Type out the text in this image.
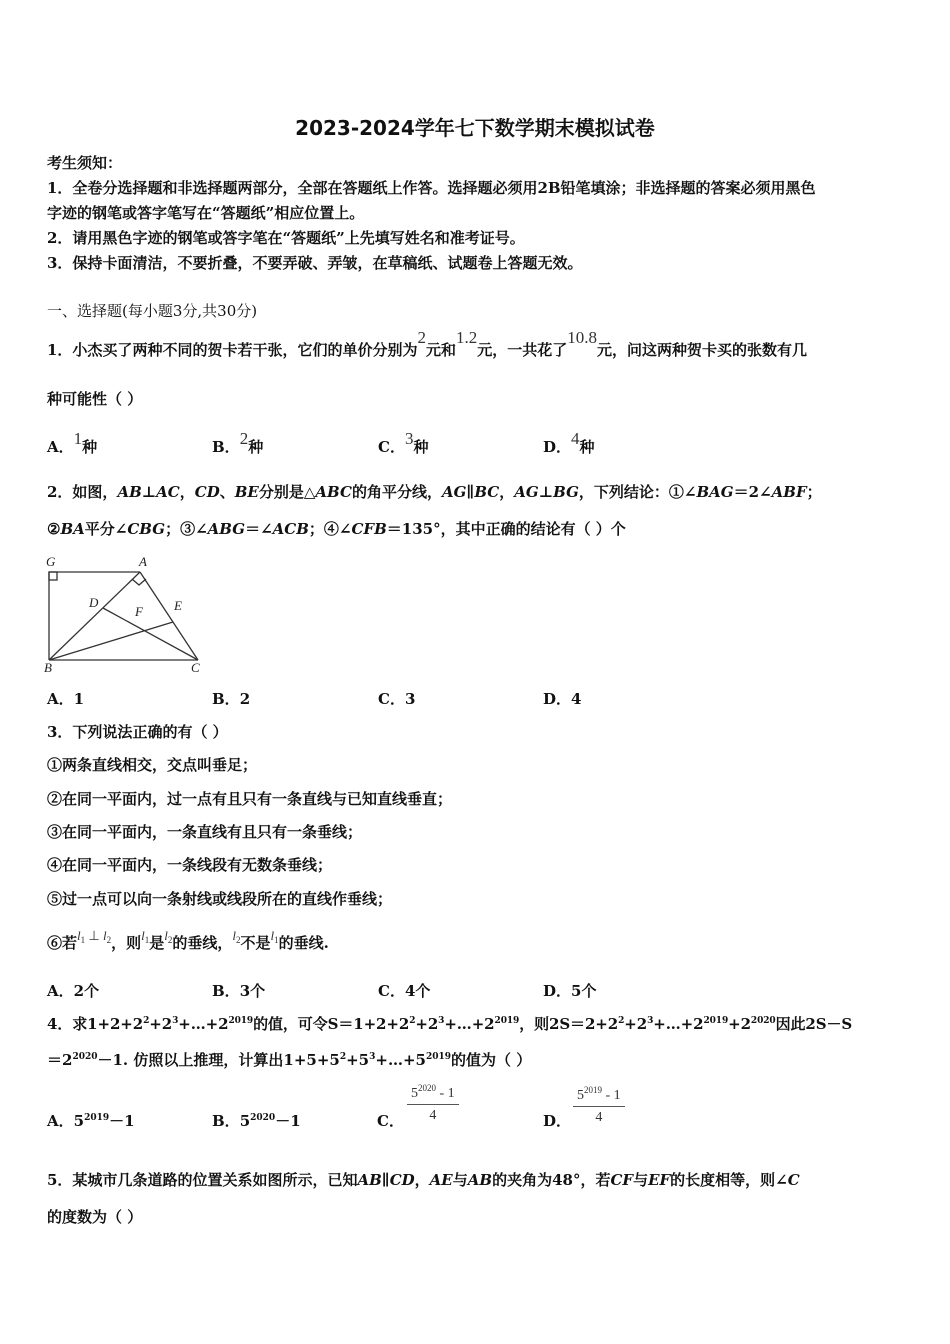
2023-2024学年七下数学期末模拟试卷
考生须知：
1．全卷分选择题和非选择题两部分，全部在答题纸上作答。选择题必须用2B铅笔填涂；非选择题的答案必须用黑色
字迹的钢笔或答字笔写在“答题纸”相应位置上。
2．请用黑色字迹的钢笔或答字笔在“答题纸”上先填写姓名和准考证号。
3．保持卡面清洁，不要折叠，不要弄破、弄皱，在草稿纸、试题卷上答题无效。
一、选择题(每小题3分,共30分)
1．小杰买了两种不同的贺卡若干张，它们的单价分别为2元和1.2元，一共花了10.8元，问这两种贺卡买的张数有几
种可能性（ ）
A．1种	B．2种	C．3种	D．4种
2．如图，AB⊥AC，CD、BE分别是△ABC的角平分线，AG∥BC，AG⊥BG，下列结论：①∠BAG＝2∠ABF；
②BA平分∠CBG；③∠ABG＝∠ACB；④∠CFB＝135°，其中正确的结论有（ ）个
G	A
D
F E
B	C
A．1	B．2	C．3	D．4
3．下列说法正确的有（ ）
①两条直线相交，交点叫垂足；
②在同一平面内，过一点有且只有一条直线与已知直线垂直；
③在同一平面内，一条直线有且只有一条垂线；
④在同一平面内，一条线段有无数条垂线；
⑤过一点可以向一条射线或线段所在的直线作垂线；
⑥若$l_1$ ⊥ $l_2$，则$l_1$是$l_2$的垂线，$l_2$不是$l_1$的垂线.
A．2个	B．3个	C．4个	D．5个
4．求$1+2+2^2+2^3+\dots+2^{2019}$的值，可令$S=1+2+2^2+2^3+\dots+2^{2019}$，则$2S=2+2^2+2^3+\dots+2^{2019}+2^{2020}$因此2S－S
$=2^{2020}-1$. 仿照以上推理，计算出$1+5+5^2+5^3+\dots+5^{2019}$的值为（ ）
A．$5^{2019}-1$	B．$5^{2020}-1$	C． $\frac{5^{2020} - 1}{4}$	D． $\frac{5^{2019} - 1}{4}$
5．某城市几条道路的位置关系如图所示，已知AB∥CD，AE与AB的夹角为48°，若CF与EF的长度相等，则∠C
的度数为（ ）
